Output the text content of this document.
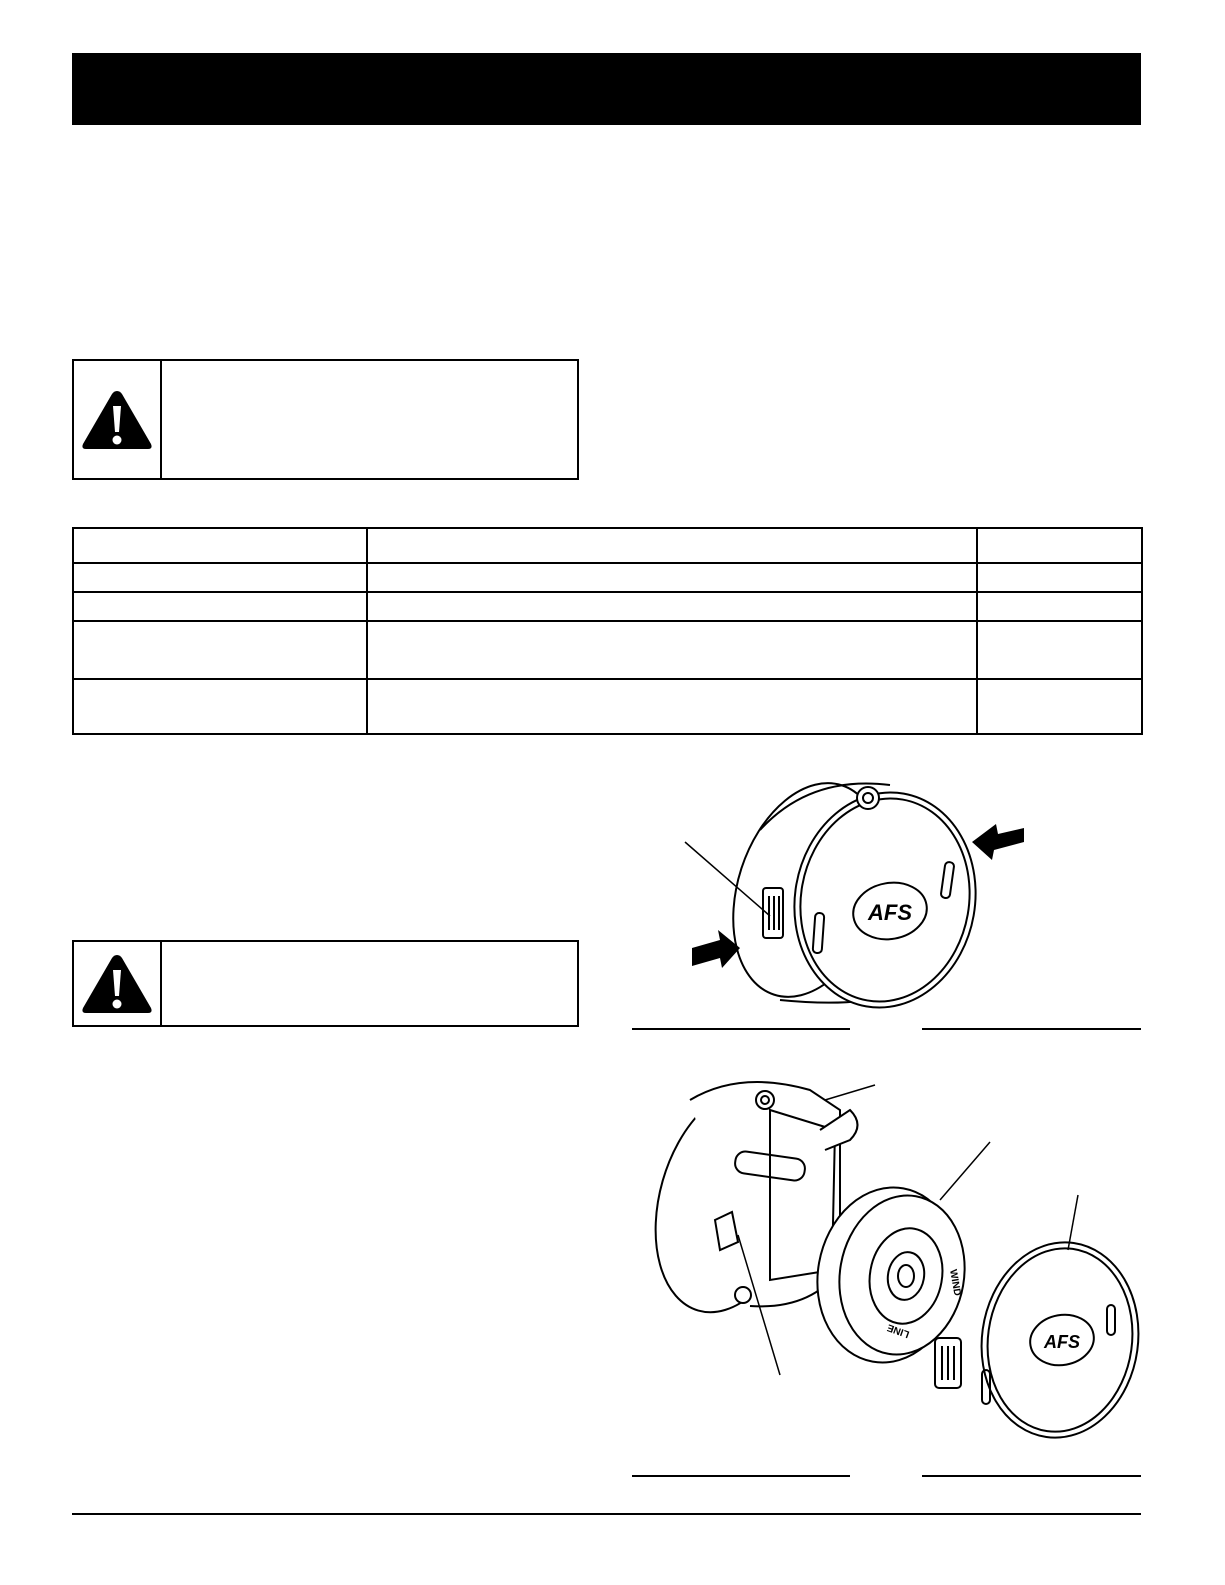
AFS
AFS
WIND
LINE
